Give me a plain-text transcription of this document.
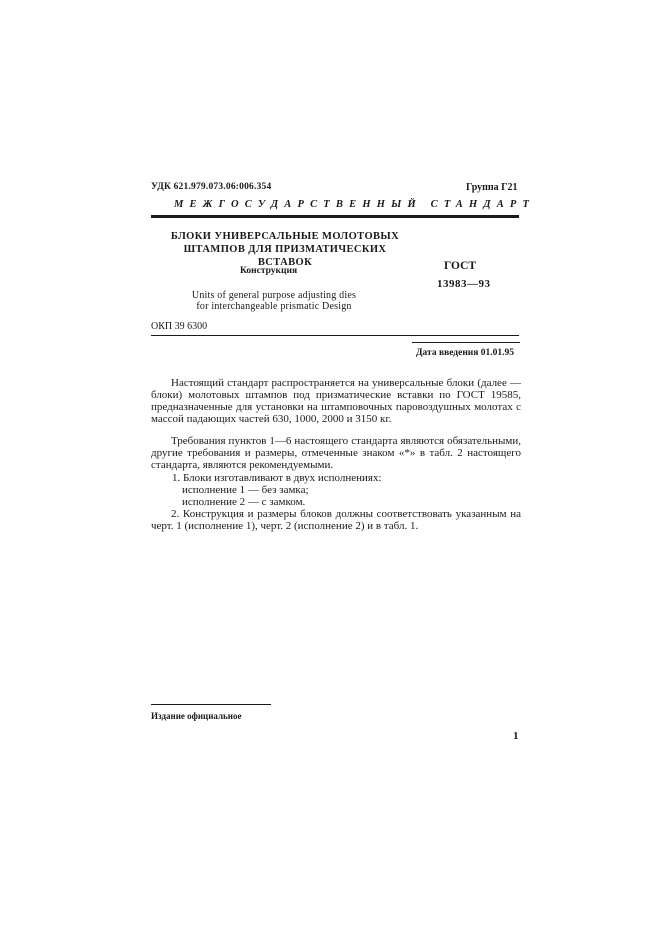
УДК 621.979.073.06:006.354	Группа Г21
МЕЖГОСУДАРСТВЕННЫЙ СТАНДАРТ
БЛОКИ УНИВЕРСАЛЬНЫЕ МОЛОТОВЫХ
ШТАМПОВ ДЛЯ ПРИЗМАТИЧЕСКИХ ВСТАВОК
Конструкция	ГОСТ
13983—93
Units of general purpose adjusting dies
for interchangeable prismatic Design
ОКП 39 6300
Дата введения 01.01.95
Настоящий стандарт распространяется на универсальные блоки (далее — блоки) молотовых штампов под призматические вставки по ГОСТ 19585, предназначенные для установки на штамповочных паровоздушных молотах с массой падающих частей 630, 1000, 2000 и 3150 кг.
Требования пунктов 1—6 настоящего стандарта являются обязательными, другие требования и размеры, отмеченные знаком «*» в табл. 2 настоящего стандарта, являются рекомендуемыми.
1. Блоки изготавливают в двух исполнениях:
исполнение 1 — без замка;
исполнение 2 — с замком.
2. Конструкция и размеры блоков должны соответствовать указанным на черт. 1 (исполнение 1), черт. 2 (исполнение 2) и в табл. 1.
Издание официальное
1
